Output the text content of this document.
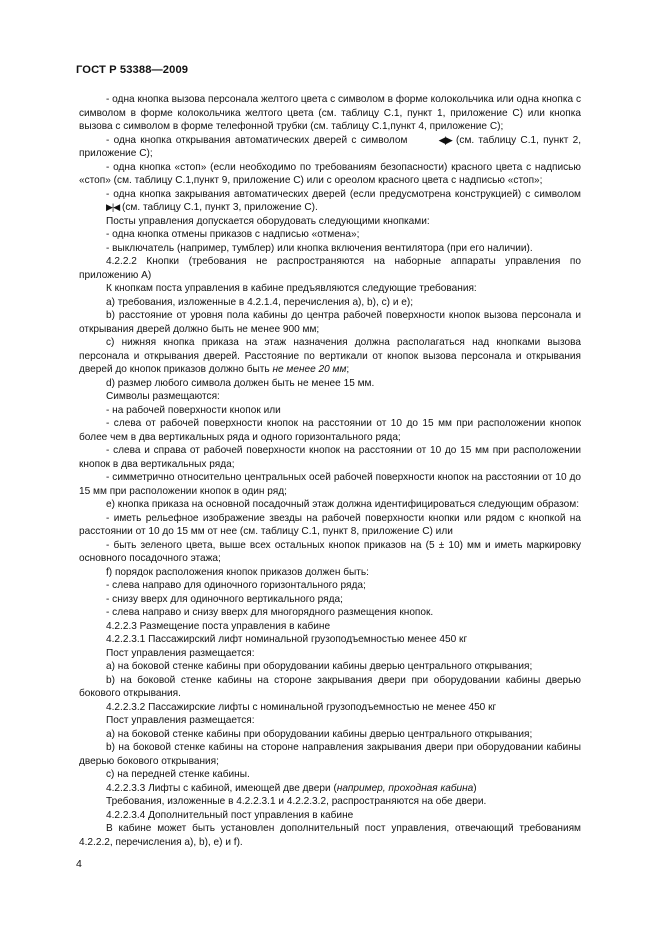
ГОСТ Р 53388—2009

- одна кнопка вызова персонала желтого цвета с символом в форме колокольчика или одна кнопка с символом в форме колокольчика желтого цвета (см. таблицу С.1, пункт 1, приложение С) или кнопка вызова с символом в форме телефонной трубки (см. таблицу С.1,пункт 4, приложение С);

- одна кнопка открывания автоматических дверей с символом	◀|▶ (см. таблицу С.1, пункт 2, приложение С);

- одна кнопка «стоп» (если необходимо по требованиям безопасности) красного цвета с надписью «стоп» (см. таблицу С.1,пункт 9, приложение С) или с ореолом красного цвета с надписью «стоп»;

- одна кнопка закрывания автоматических дверей (если предусмотрена конструкцией) с символом ▶|◀ (см. таблицу С.1, пункт 3, приложение С).

Посты управления допускается оборудовать следующими кнопками:

- одна кнопка отмены приказов с надписью «отмена»;

- выключатель (например, тумблер) или кнопка включения вентилятора (при его наличии).

4.2.2.2 Кнопки (требования не распространяются на наборные аппараты управления по приложению А)

К кнопкам поста управления в кабине предъявляются следующие требования:

a) требования, изложенные в 4.2.1.4, перечисления а), b), c) и e);

b) расстояние от уровня пола кабины до центра рабочей поверхности кнопок вызова персонала и открывания дверей должно быть не менее 900 мм;

c) нижняя кнопка приказа на этаж назначения должна располагаться над кнопками вызова персонала и открывания дверей. Расстояние по вертикали от кнопок вызова персонала и открывания дверей до кнопок приказов должно быть не менее 20 мм;

d) размер любого символа должен быть не менее 15 мм.

Символы размещаются:

- на рабочей поверхности кнопок или

- слева от рабочей поверхности кнопок на расстоянии от 10 до 15 мм при расположении кнопок более чем в два вертикальных ряда и одного горизонтального ряда;

- слева и справа от рабочей поверхности кнопок на расстоянии от 10 до 15 мм при расположении кнопок в два вертикальных ряда;

- симметрично относительно центральных осей рабочей поверхности кнопок на расстоянии от 10 до 15 мм при расположении кнопок в один ряд;

e) кнопка приказа на основной посадочный этаж должна идентифицироваться следующим образом:

- иметь рельефное изображение звезды на рабочей поверхности кнопки или рядом с кнопкой на расстоянии от 10 до 15 мм от нее (см. таблицу С.1, пункт 8, приложение С) или

- быть зеленого цвета, выше всех остальных кнопок приказов на (5 ± 10) мм и иметь маркировку основного посадочного этажа;

f) порядок расположения кнопок приказов должен быть:

- слева направо для одиночного горизонтального ряда;

- снизу вверх для одиночного вертикального ряда;

- слева направо и снизу вверх для многорядного размещения кнопок.

4.2.2.3 Размещение поста управления в кабине

4.2.2.3.1 Пассажирский лифт номинальной грузоподъемностью менее 450 кг

Пост управления размещается:

a) на боковой стенке кабины при оборудовании кабины дверью центрального открывания;

b) на боковой стенке кабины на стороне закрывания двери при оборудовании кабины дверью бокового открывания.

4.2.2.3.2 Пассажирские лифты с номинальной грузоподъемностью не менее 450 кг

Пост управления размещается:

a) на боковой стенке кабины при оборудовании кабины дверью центрального открывания;

b) на боковой стенке кабины на стороне направления закрывания двери при оборудовании кабины дверью бокового открывания;

c) на передней стенке кабины.

4.2.2.3.3 Лифты с кабиной, имеющей две двери (например, проходная кабина)

Требования, изложенные в 4.2.2.3.1 и 4.2.2.3.2, распространяются на обе двери.

4.2.2.3.4 Дополнительный пост управления в кабине

В кабине может быть установлен дополнительный пост управления, отвечающий требованиям 4.2.2.2, перечисления а), b), e) и f).

4
